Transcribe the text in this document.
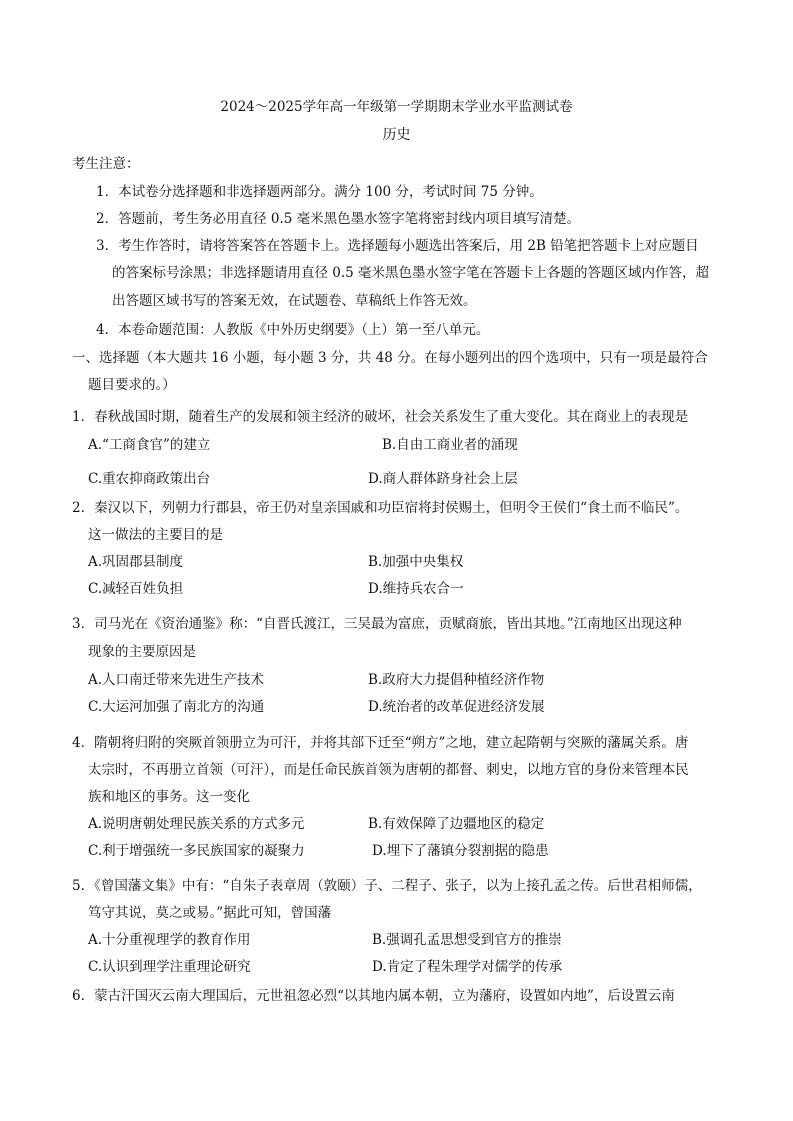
2024～2025学年高一年级第一学期期末学业水平监测试卷
历史
考生注意：
1．本试卷分选择题和非选择题两部分。满分 100 分，考试时间 75 分钟。
2．答题前，考生务必用直径 0.5 毫米黑色墨水签字笔将密封线内项目填写清楚。
3．考生作答时，请将答案答在答题卡上。选择题每小题选出答案后，用 2B 铅笔把答题卡上对应题目
的答案标号涂黑；非选择题请用直径 0.5 毫米黑色墨水签字笔在答题卡上各题的答题区域内作答，超
出答题区域书写的答案无效，在试题卷、草稿纸上作答无效。
4．本卷命题范围：人教版《中外历史纲要》（上）第一至八单元。
一、选择题（本大题共 16 小题，每小题 3 分，共 48 分。在每小题列出的四个选项中，只有一项是最符合
题目要求的。）
1．春秋战国时期，随着生产的发展和领主经济的破坏，社会关系发生了重大变化。其在商业上的表现是
A.“工商食官”的建立	B.自由工商业者的涌现
C.重农抑商政策出台	D.商人群体跻身社会上层
2．秦汉以下，列朝力行郡县，帝王仍对皇亲国戚和功臣宿将封侯赐土，但明令王侯们“食土而不临民”。
这一做法的主要目的是
A.巩固郡县制度	B.加强中央集权
C.减轻百姓负担	D.维持兵农合一
3．司马光在《资治通鉴》称：“自晋氏渡江，三吴最为富庶，贡赋商旅，皆出其地。”江南地区出现这种
现象的主要原因是
A.人口南迁带来先进生产技术	B.政府大力提倡种植经济作物
C.大运河加强了南北方的沟通	D.统治者的改革促进经济发展
4．隋朝将归附的突厥首领册立为可汗，并将其部下迁至“朔方”之地，建立起隋朝与突厥的藩属关系。唐
太宗时，不再册立首领（可汗），而是任命民族首领为唐朝的都督、刺史，以地方官的身份来管理本民
族和地区的事务。这一变化
A.说明唐朝处理民族关系的方式多元	B.有效保障了边疆地区的稳定
C.利于增强统一多民族国家的凝聚力	D.埋下了藩镇分裂割据的隐患
5．《曾国藩文集》中有：“自朱子表章周（敦颐）子、二程子、张子，以为上接孔孟之传。后世君相师儒，
笃守其说，莫之或易。”据此可知，曾国藩
A.十分重视理学的教育作用	B.强调孔孟思想受到官方的推崇
C.认识到理学注重理论研究	D.肯定了程朱理学对儒学的传承
6．蒙古汗国灭云南大理国后，元世祖忽必烈“以其地内属本朝，立为藩府，设置如内地”，后设置云南
